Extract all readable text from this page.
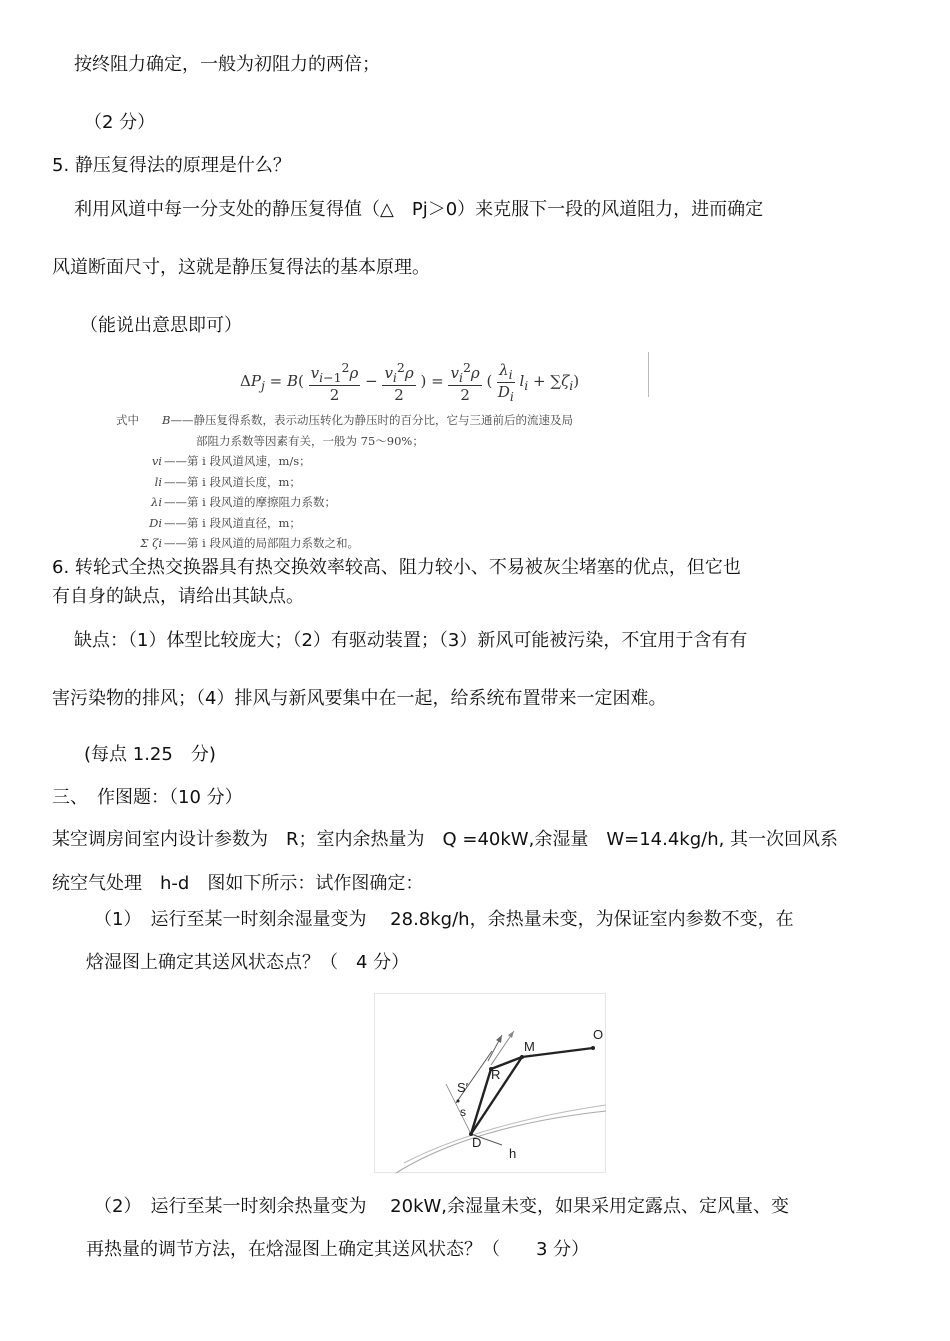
按终阻力确定，一般为初阻力的两倍；
（2 分）
5. 静压复得法的原理是什么？
利用风道中每一分支处的静压复得值（△　Pj＞0）来克服下一段的风道阻力，进而确定
风道断面尺寸，这就是静压复得法的基本原理。
（能说出意思即可）
$\Delta P_j = B( \frac{v_{i-1}^2\rho}{2} - \frac{v_i^2\rho}{2}$ ) = $\frac{v_i^2\rho}{2}$ ( $\frac{\lambda_i}{D_i} l_i + \sum\zeta_i$)
式中 B——静压复得系数，表示动压转化为静压时的百分比，它与三通前后的流速及局
部阻力系数等因素有关，一般为 75～90%；
vi ——第 i 段风道风速，m/s；
li ——第 i 段风道长度，m；
λi ——第 i 段风道的摩擦阻力系数；
Di ——第 i 段风道直径，m；
Σ ζi ——第 i 段风道的局部阻力系数之和。
6. 转轮式全热交换器具有热交换效率较高、阻力较小、不易被灰尘堵塞的优点，但它也
有自身的缺点，请给出其缺点。
缺点：（1）体型比较庞大；（2）有驱动装置；（3）新风可能被污染，不宜用于含有有
害污染物的排风；（4）排风与新风要集中在一起，给系统布置带来一定困难。
(每点 1.25　分)
三、　作图题：（10 分）
某空调房间室内设计参数为　R；室内余热量为　Q =40kW,余湿量　W=14.4kg/h, 其一次回风系
统空气处理　h-d　图如下所示：试作图确定：
（1）　运行至某一时刻余湿量变为　 28.8kg/h，余热量未变，为保证室内参数不变，在
焓湿图上确定其送风状态点？（　4 分）
O
M
R
S′
s
D
h
（2）　运行至某一时刻余热量变为　 20kW,余湿量未变，如果采用定露点、定风量、变
再热量的调节方法，在焓湿图上确定其送风状态？（　　3 分）
